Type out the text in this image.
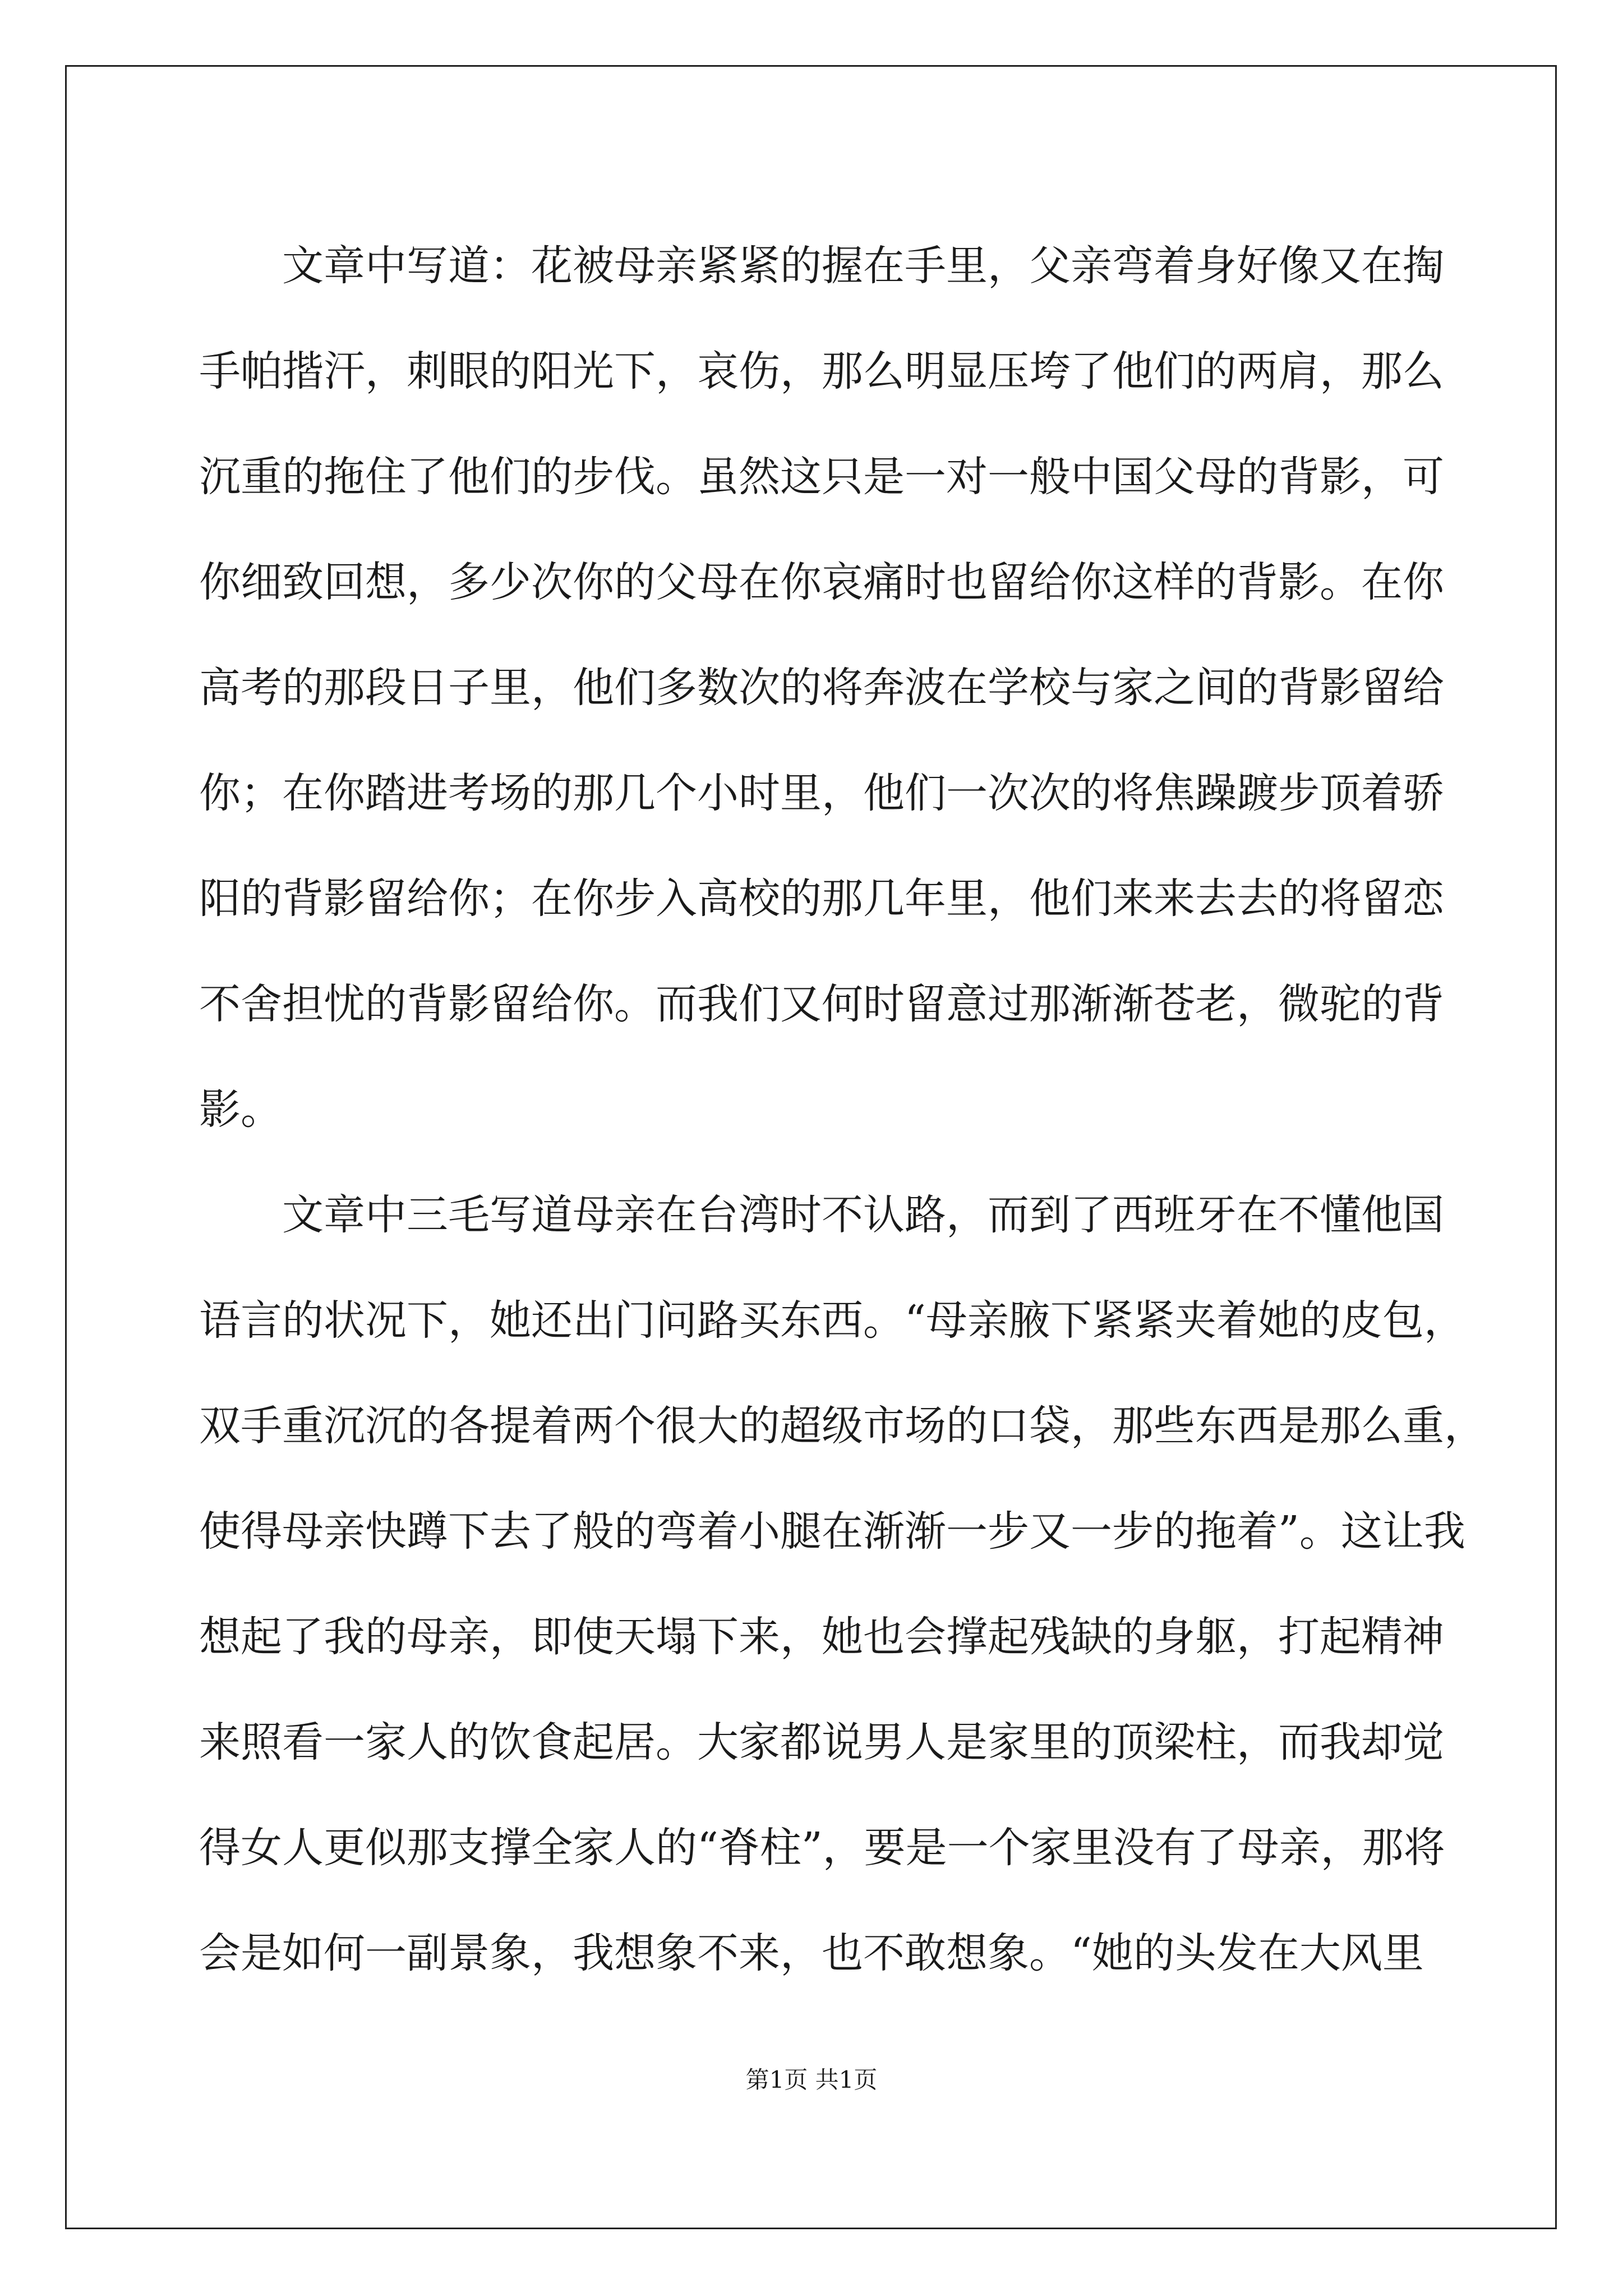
文章中写道：花被母亲紧紧的握在手里，父亲弯着身好像又在掏
手帕揩汗，刺眼的阳光下，哀伤，那么明显压垮了他们的两肩，那么
沉重的拖住了他们的步伐。虽然这只是一对一般中国父母的背影，可
你细致回想，多少次你的父母在你哀痛时也留给你这样的背影。在你
高考的那段日子里，他们多数次的将奔波在学校与家之间的背影留给
你；在你踏进考场的那几个小时里，他们一次次的将焦躁踱步顶着骄
阳的背影留给你；在你步入高校的那几年里，他们来来去去的将留恋
不舍担忧的背影留给你。而我们又何时留意过那渐渐苍老，微驼的背
影。
文章中三毛写道母亲在台湾时不认路，而到了西班牙在不懂他国
语言的状况下，她还出门问路买东西。“母亲腋下紧紧夹着她的皮包，
双手重沉沉的各提着两个很大的超级市场的口袋，那些东西是那么重，
使得母亲快蹲下去了般的弯着小腿在渐渐一步又一步的拖着”。这让我
想起了我的母亲，即使天塌下来，她也会撑起残缺的身躯，打起精神
来照看一家人的饮食起居。大家都说男人是家里的顶梁柱，而我却觉
得女人更似那支撑全家人的“脊柱”，要是一个家里没有了母亲，那将
会是如何一副景象，我想象不来，也不敢想象。“她的头发在大风里
第1页 共1页
